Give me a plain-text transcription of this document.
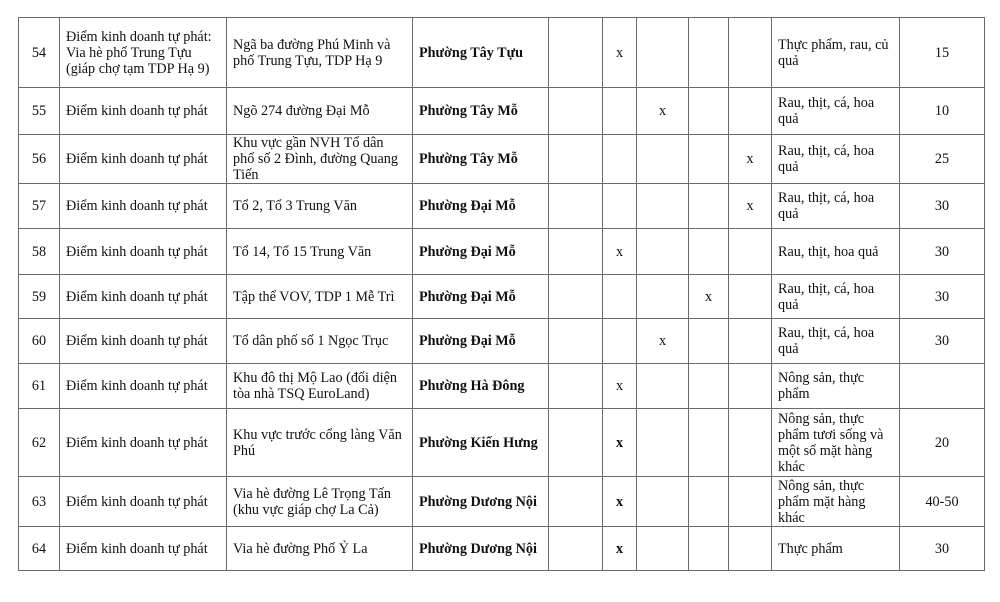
54	Điểm kinh doanh tự phát: Via hè phố Trung Tựu (giáp chợ tạm TDP Hạ 9)	Ngã ba đường Phú Minh và phố Trung Tựu, TDP Hạ 9	Phường Tây Tựu		x				Thực phẩm, rau, củ quả	15
55	Điểm kinh doanh tự phát	Ngõ 274 đường Đại Mỗ	Phường Tây Mỗ			x			Rau, thịt, cá, hoa quả	10
56	Điểm kinh doanh tự phát	Khu vực gần NVH Tổ dân phố số 2 Đình, đường Quang Tiến	Phường Tây Mỗ					x	Rau, thịt, cá, hoa quả	25
57	Điểm kinh doanh tự phát	Tổ 2, Tổ 3 Trung Văn	Phường Đại Mỗ					x	Rau, thịt, cá, hoa quả	30
58	Điểm kinh doanh tự phát	Tổ 14, Tổ 15 Trung Văn	Phường Đại Mỗ		x				Rau, thịt, hoa quả	30
59	Điểm kinh doanh tự phát	Tập thể VOV, TDP 1 Mễ Trì	Phường Đại Mỗ				x		Rau, thịt, cá, hoa quả	30
60	Điểm kinh doanh tự phát	Tổ dân phố số 1 Ngọc Trục	Phường Đại Mỗ			x			Rau, thịt, cá, hoa quả	30
61	Điểm kinh doanh tự phát	Khu đô thị Mộ Lao (đối diện tòa nhà TSQ EuroLand)	Phường Hà Đông		x				Nông sản, thực phẩm	
62	Điểm kinh doanh tự phát	Khu vực trước cổng làng Văn Phú	Phường Kiến Hưng		x				Nông sản, thực phẩm tươi sống và một số mặt hàng khác	20
63	Điểm kinh doanh tự phát	Via hè đường Lê Trọng Tấn (khu vực giáp chợ La Cả)	Phường Dương Nội		x				Nông sản, thực phẩm mặt hàng khác	40-50
64	Điểm kinh doanh tự phát	Via hè đường Phố Ỷ La	Phường Dương Nội		x				Thực phẩm	30
